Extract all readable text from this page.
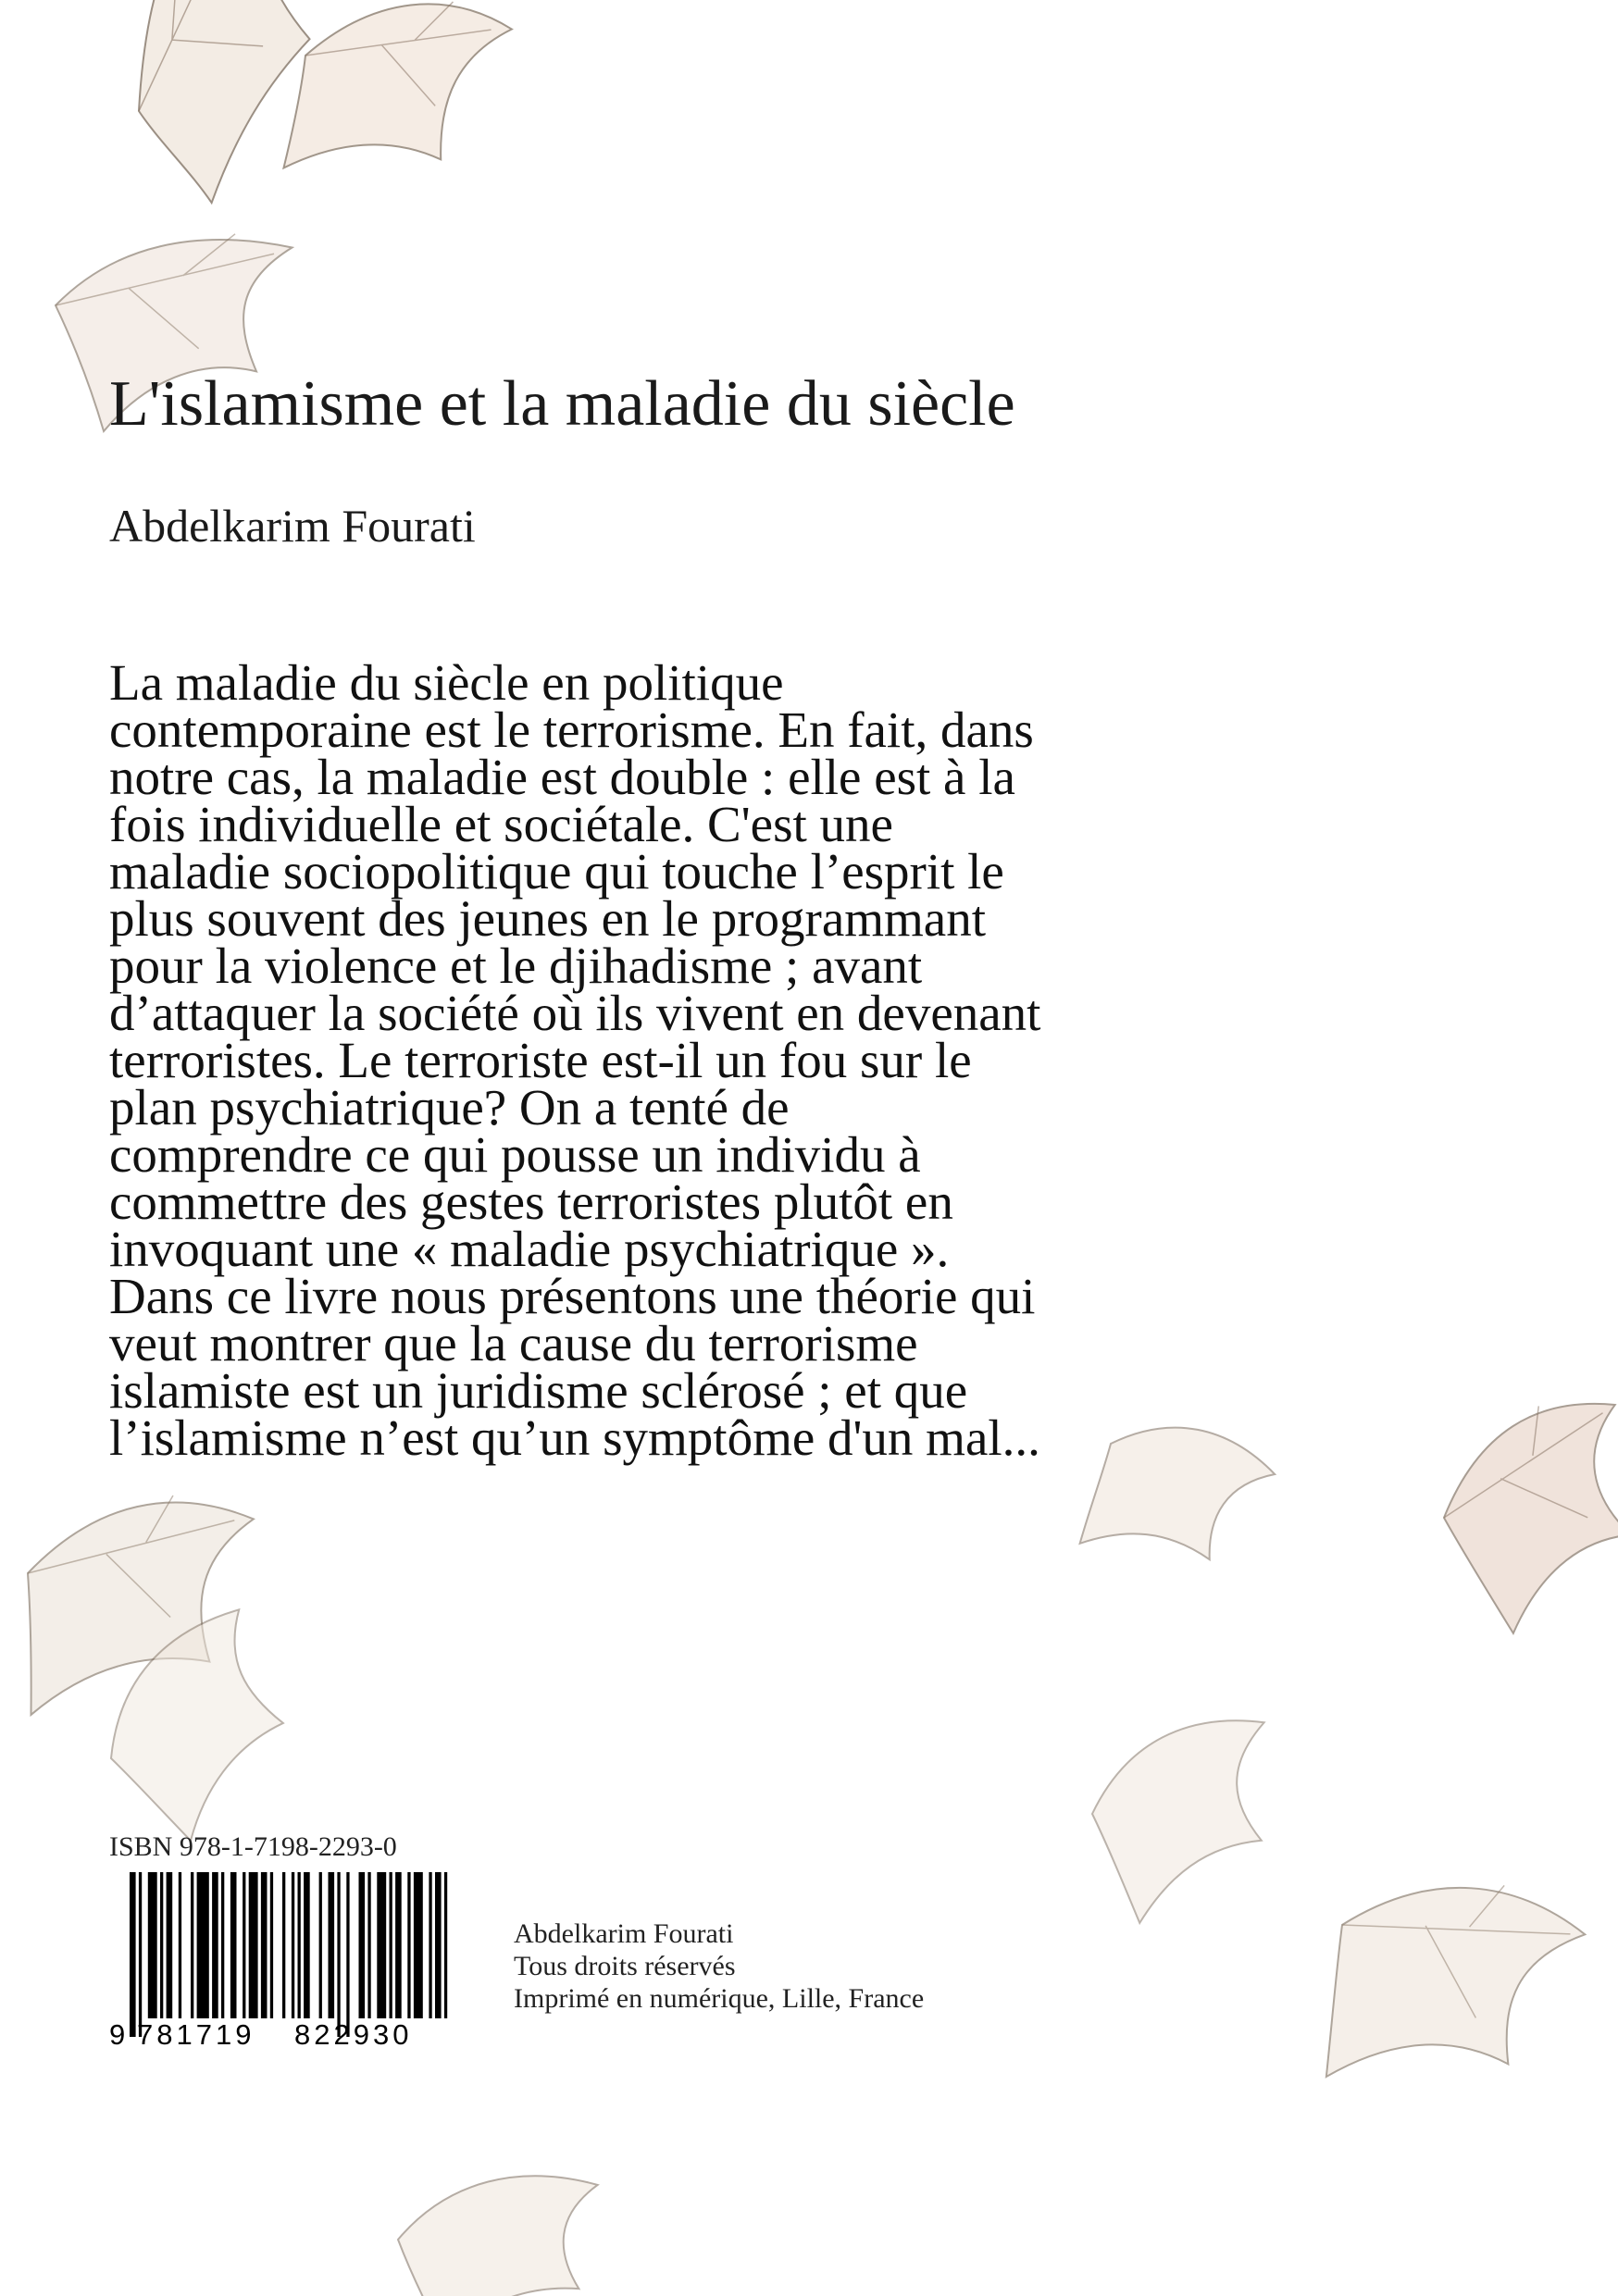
L'islamisme et la maladie du siècle
Abdelkarim Fourati
La maladie du siècle en politique
contemporaine est le terrorisme. En fait, dans
notre cas, la maladie est double : elle est à la
fois individuelle et sociétale. C'est une
maladie sociopolitique qui touche l’esprit le
plus souvent des jeunes en le programmant
pour la violence et le djihadisme ; avant
d’attaquer la société où ils vivent en devenant
terroristes. Le terroriste est-il un fou sur le
plan psychiatrique? On a tenté de
comprendre ce qui pousse un individu à
commettre des gestes terroristes plutôt en
invoquant une « maladie psychiatrique ».
Dans ce livre nous présentons une théorie qui
veut montrer que la cause du terrorisme
islamiste est un juridisme sclérosé ; et que
l’islamisme n’est qu’un symptôme d'un mal...
ISBN 978-1-7198-2293-0
9 781719 822930
Abdelkarim Fourati
Tous droits réservés
Imprimé en numérique, Lille, France
